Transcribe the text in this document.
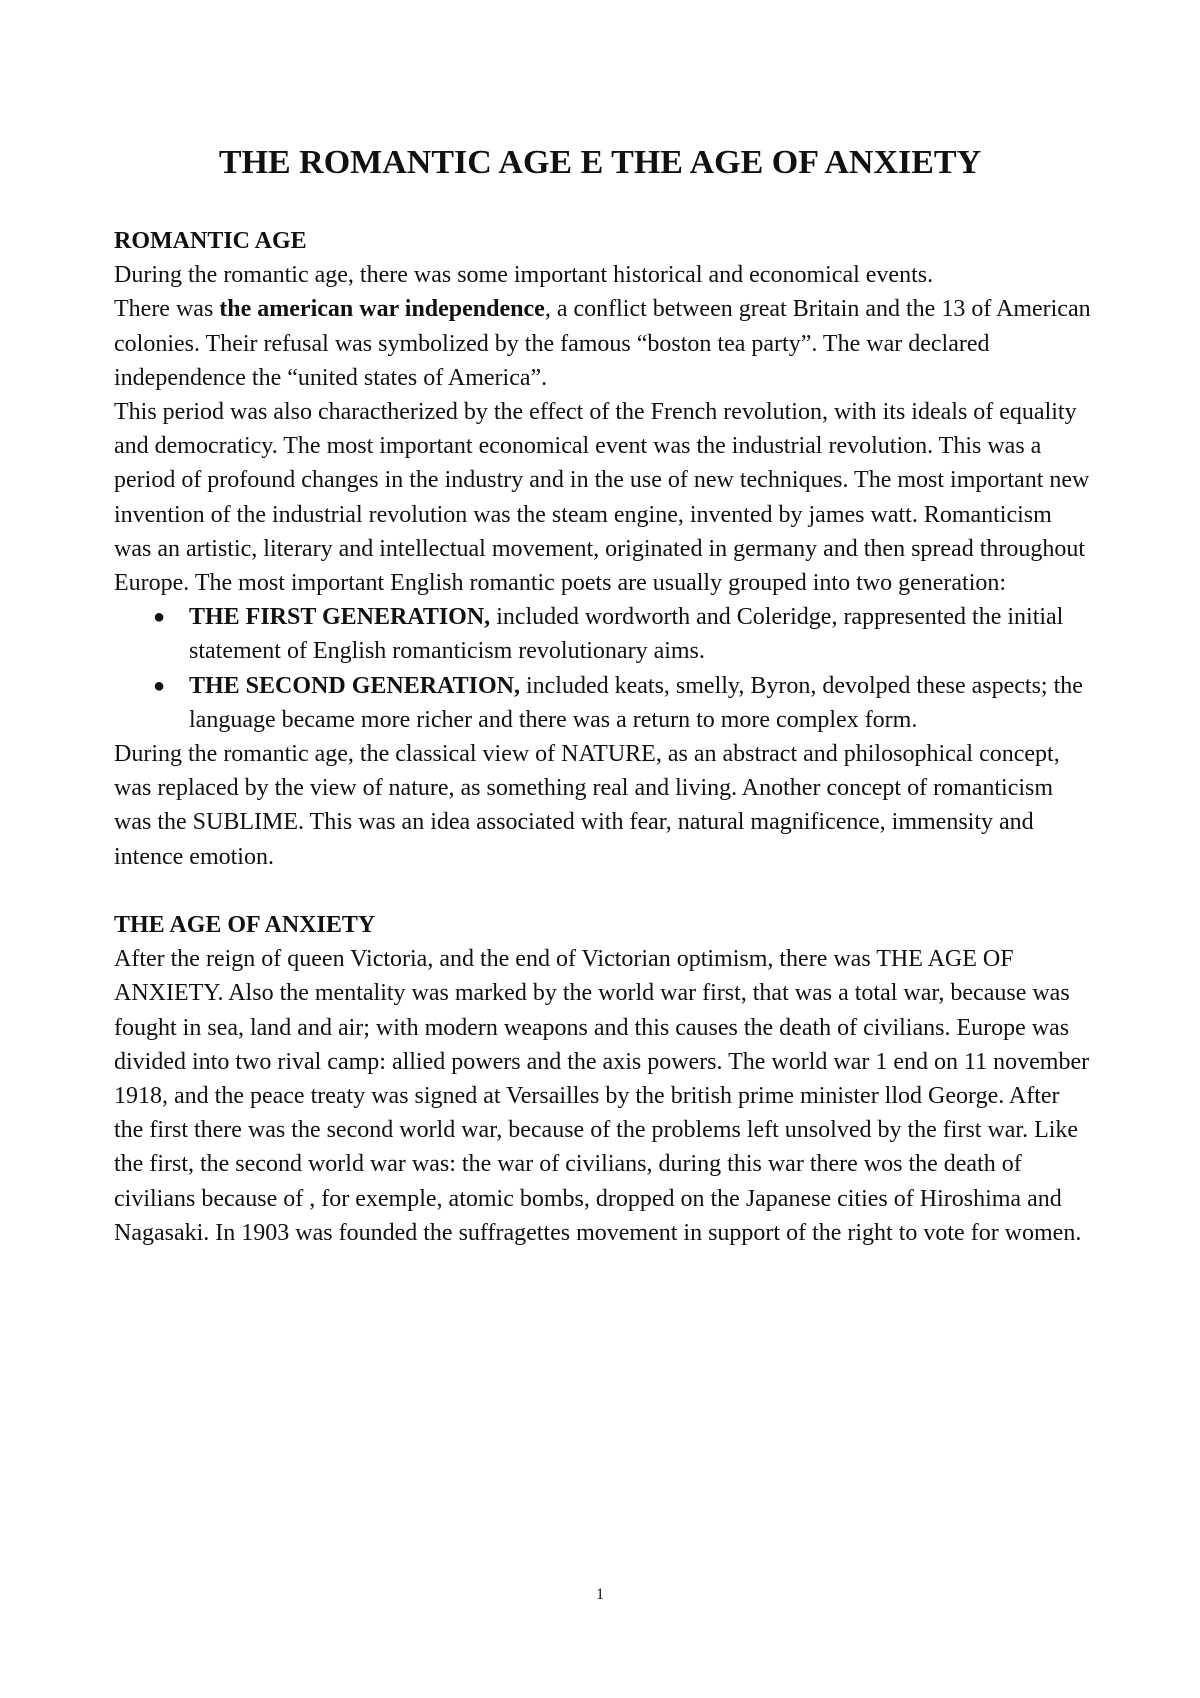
THE ROMANTIC AGE E THE AGE OF ANXIETY

ROMANTIC AGE

During the romantic age, there was some important historical and economical events.
There was the american war independence, a conflict between great Britain and the 13 of American colonies. Their refusal was symbolized by the famous “boston tea party”. The war declared independence the “united states of America”.

This period was also charactherized by the effect of the French revolution, with its ideals of equality and democraticy. The most important economical event was the industrial revolution. This was a period of profound changes in the industry and in the use of new techniques. The most important new invention of the industrial revolution was the steam engine, invented by james watt. Romanticism was an artistic, literary and intellectual movement, originated in germany and then spread throughout Europe. The most important English romantic poets are usually grouped into two generation:

● THE FIRST GENERATION, included wordworth and Coleridge, rappresented the initial statement of English romanticism revolutionary aims.
● THE SECOND GENERATION, included keats, smelly, Byron, devolped these aspects; the language became more richer and there was a return to more complex form.

During the romantic age, the classical view of NATURE, as an abstract and philosophical concept, was replaced by the view of nature, as something real and living. Another concept of romanticism was the SUBLIME. This was an idea associated with fear, natural magnificence, immensity and intence emotion.

THE AGE OF ANXIETY

After the reign of queen Victoria, and the end of Victorian optimism, there was THE AGE OF ANXIETY. Also the mentality was marked by the world war first, that was a total war, because was fought in sea, land and air; with modern weapons and this causes the death of civilians. Europe was divided into two rival camp: allied powers and the axis powers. The world war 1 end on 11 november 1918, and the peace treaty was signed at Versailles by the british prime minister llod George. After the first there was the second world war, because of the problems left unsolved by the first war. Like the first, the second world war was: the war of civilians, during this war there wos the death of civilians because of , for exemple, atomic bombs, dropped on the Japanese cities of Hiroshima and Nagasaki. In 1903 was founded the suffragettes movement in support of the right to vote for women.

1
